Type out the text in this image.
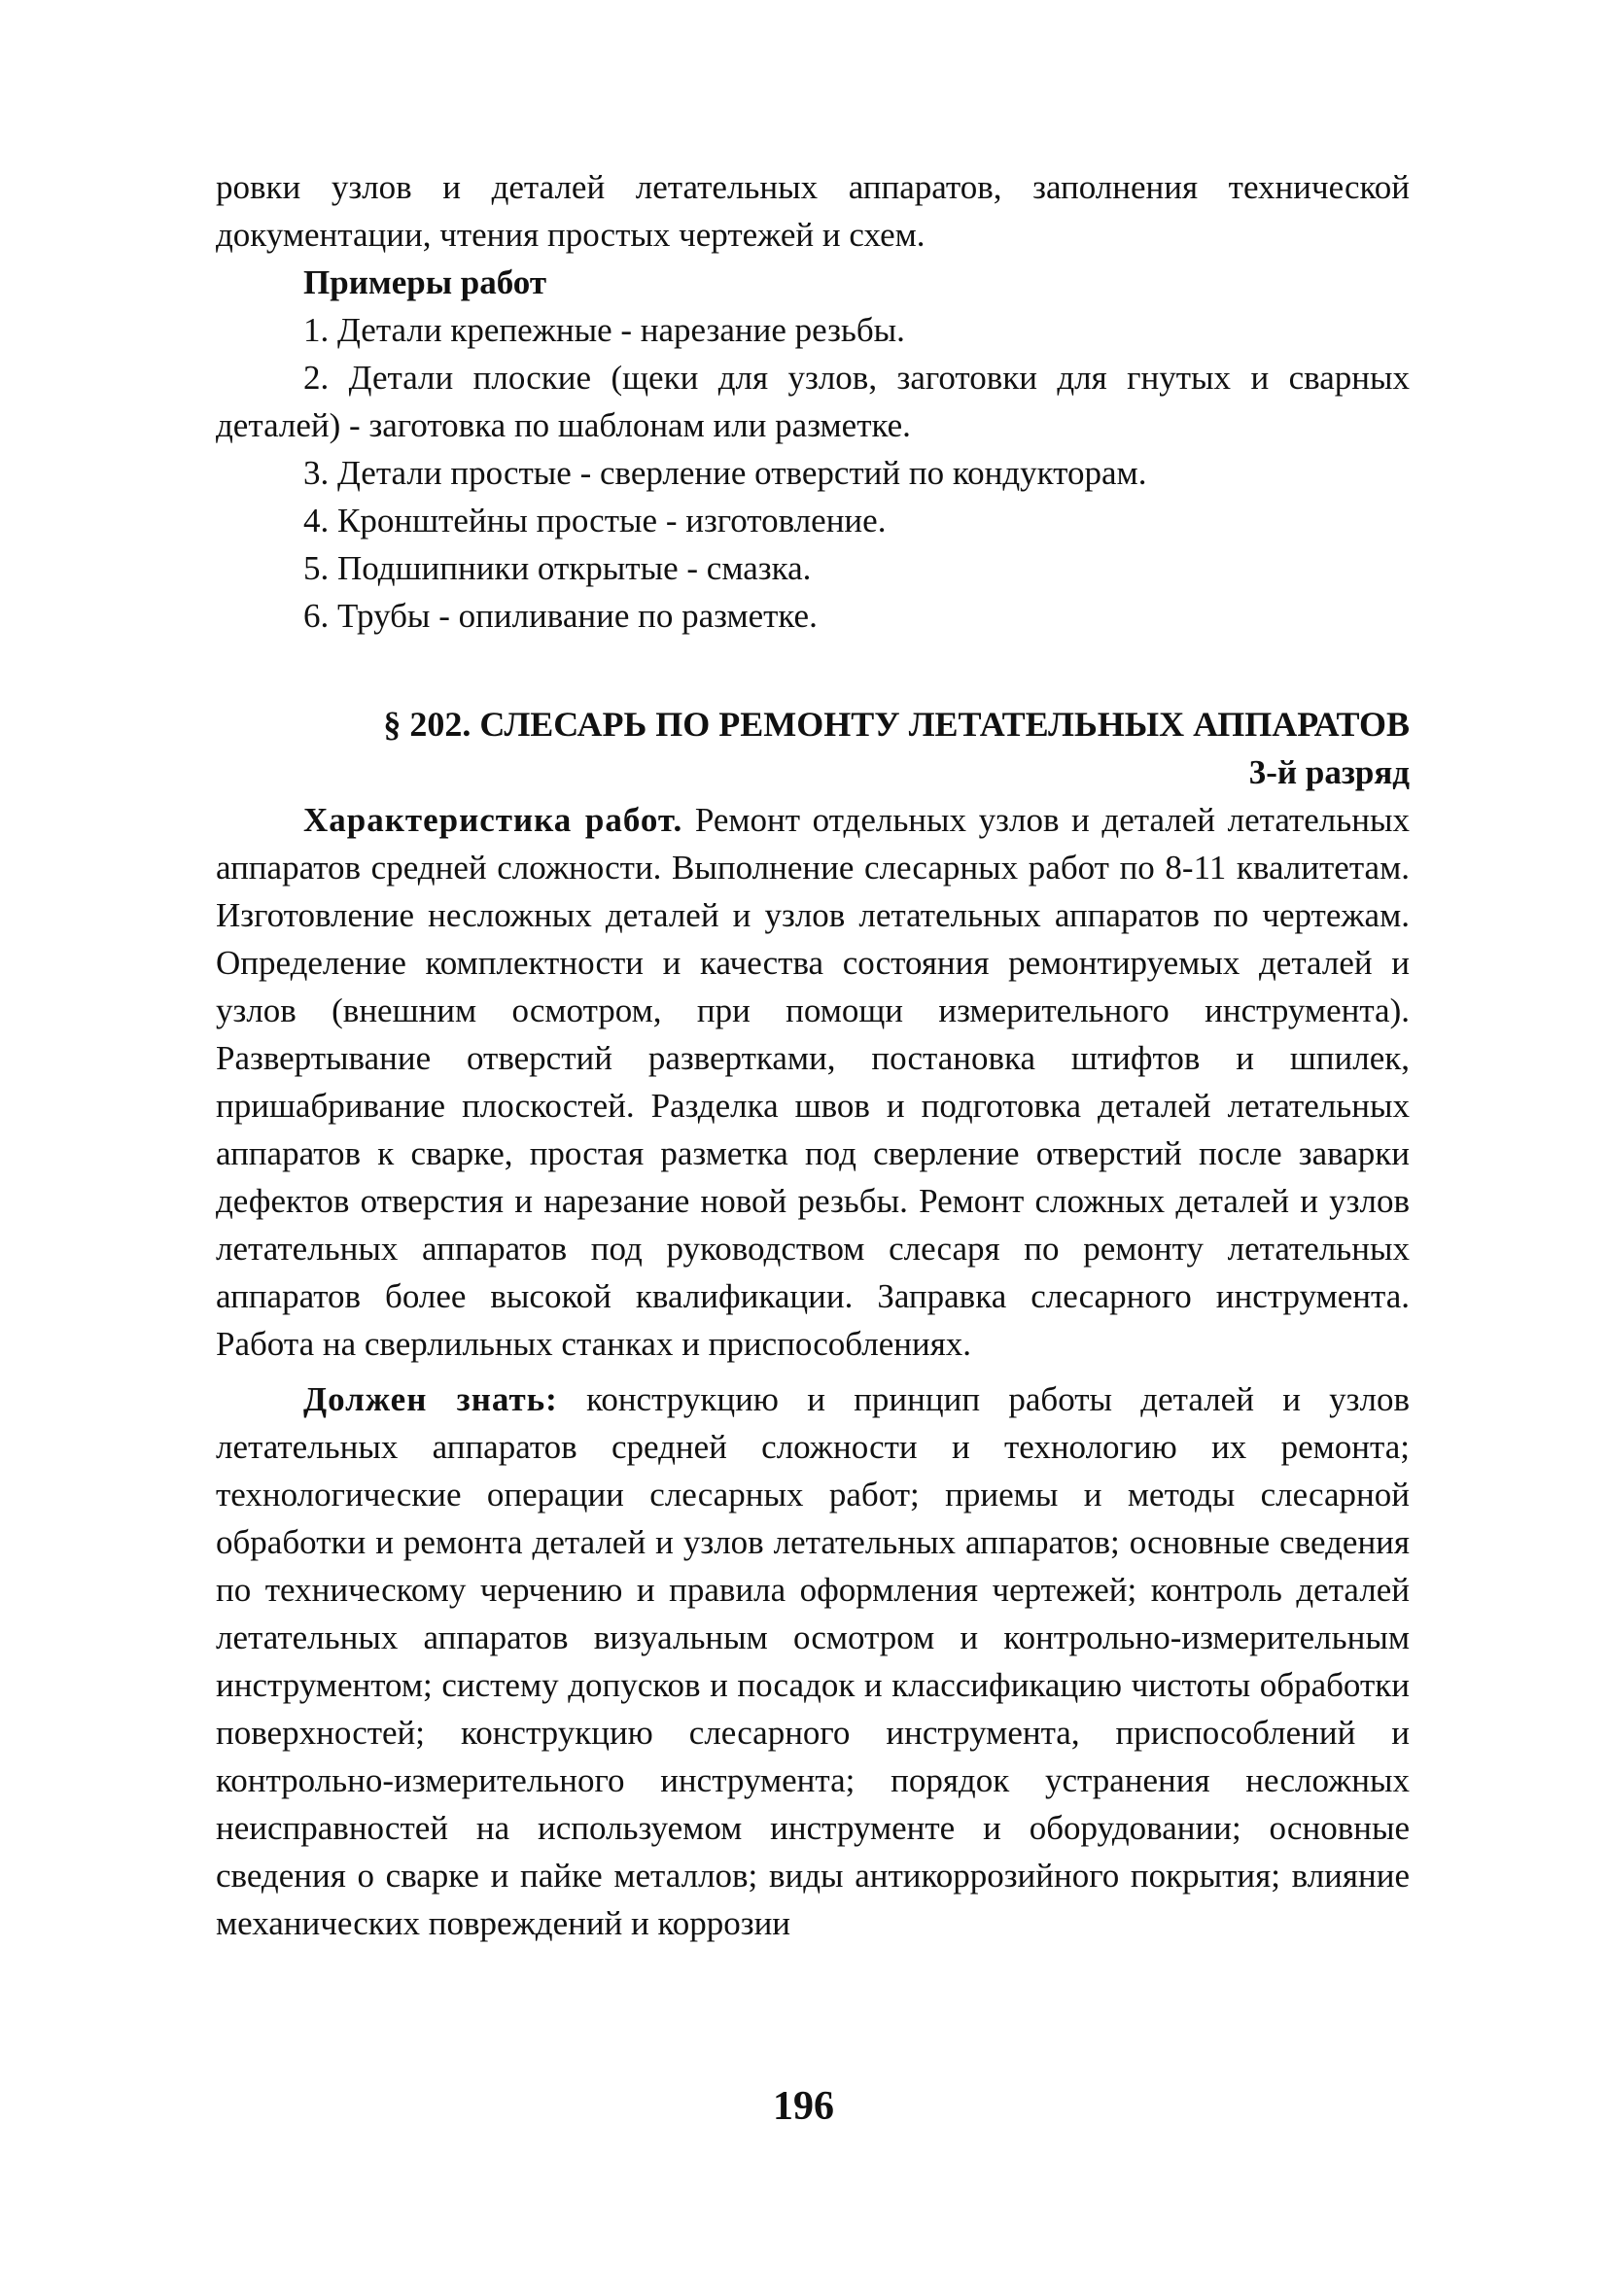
ровки узлов и деталей летательных аппаратов, заполнения технической документации, чтения простых чертежей и схем.

Примеры работ

1. Детали крепежные - нарезание резьбы.
2. Детали плоские (щеки для узлов, заготовки для гнутых и сварных деталей) - заготовка по шаблонам или разметке.
3. Детали простые - сверление отверстий по кондукторам.
4. Кронштейны простые - изготовление.
5. Подшипники открытые - смазка.
6. Трубы - опиливание по разметке.
§ 202. СЛЕСАРЬ ПО РЕМОНТУ ЛЕТАТЕЛЬНЫХ АППАРАТОВ

3-й разряд

Характеристика работ. Ремонт отдельных узлов и деталей летательных аппаратов средней сложности. Выполнение слесарных работ по 8-11 квалитетам. Изготовление несложных деталей и узлов летательных аппаратов по чертежам. Определение комплектности и качества состояния ремонтируемых деталей и узлов (внешним осмотром, при помощи измерительного инструмента). Развертывание отверстий развертками, постановка штифтов и шпилек, пришабривание плоскостей. Разделка швов и подготовка деталей летательных аппаратов к сварке, простая разметка под сверление отверстий после заварки дефектов отверстия и нарезание новой резьбы. Ремонт сложных деталей и узлов летательных аппаратов под руководством слесаря по ремонту летательных аппаратов более высокой квалификации. Заправка слесарного инструмента. Работа на сверлильных станках и приспособлениях.

Должен знать: конструкцию и принцип работы деталей и узлов летательных аппаратов средней сложности и технологию их ремонта; технологические операции слесарных работ; приемы и методы слесарной обработки и ремонта деталей и узлов летательных аппаратов; основные сведения по техническому черчению и правила оформления чертежей; контроль деталей летательных аппаратов визуальным осмотром и контрольно-измерительным инструментом; систему допусков и посадок и классификацию чистоты обработки поверхностей; конструкцию слесарного инструмента, приспособлений и контрольно-измерительного инструмента; порядок устранения несложных неисправностей на используемом инструменте и оборудовании; основные сведения о сварке и пайке металлов; виды антикоррозийного покрытия; влияние механических повреждений и коррозии

196
